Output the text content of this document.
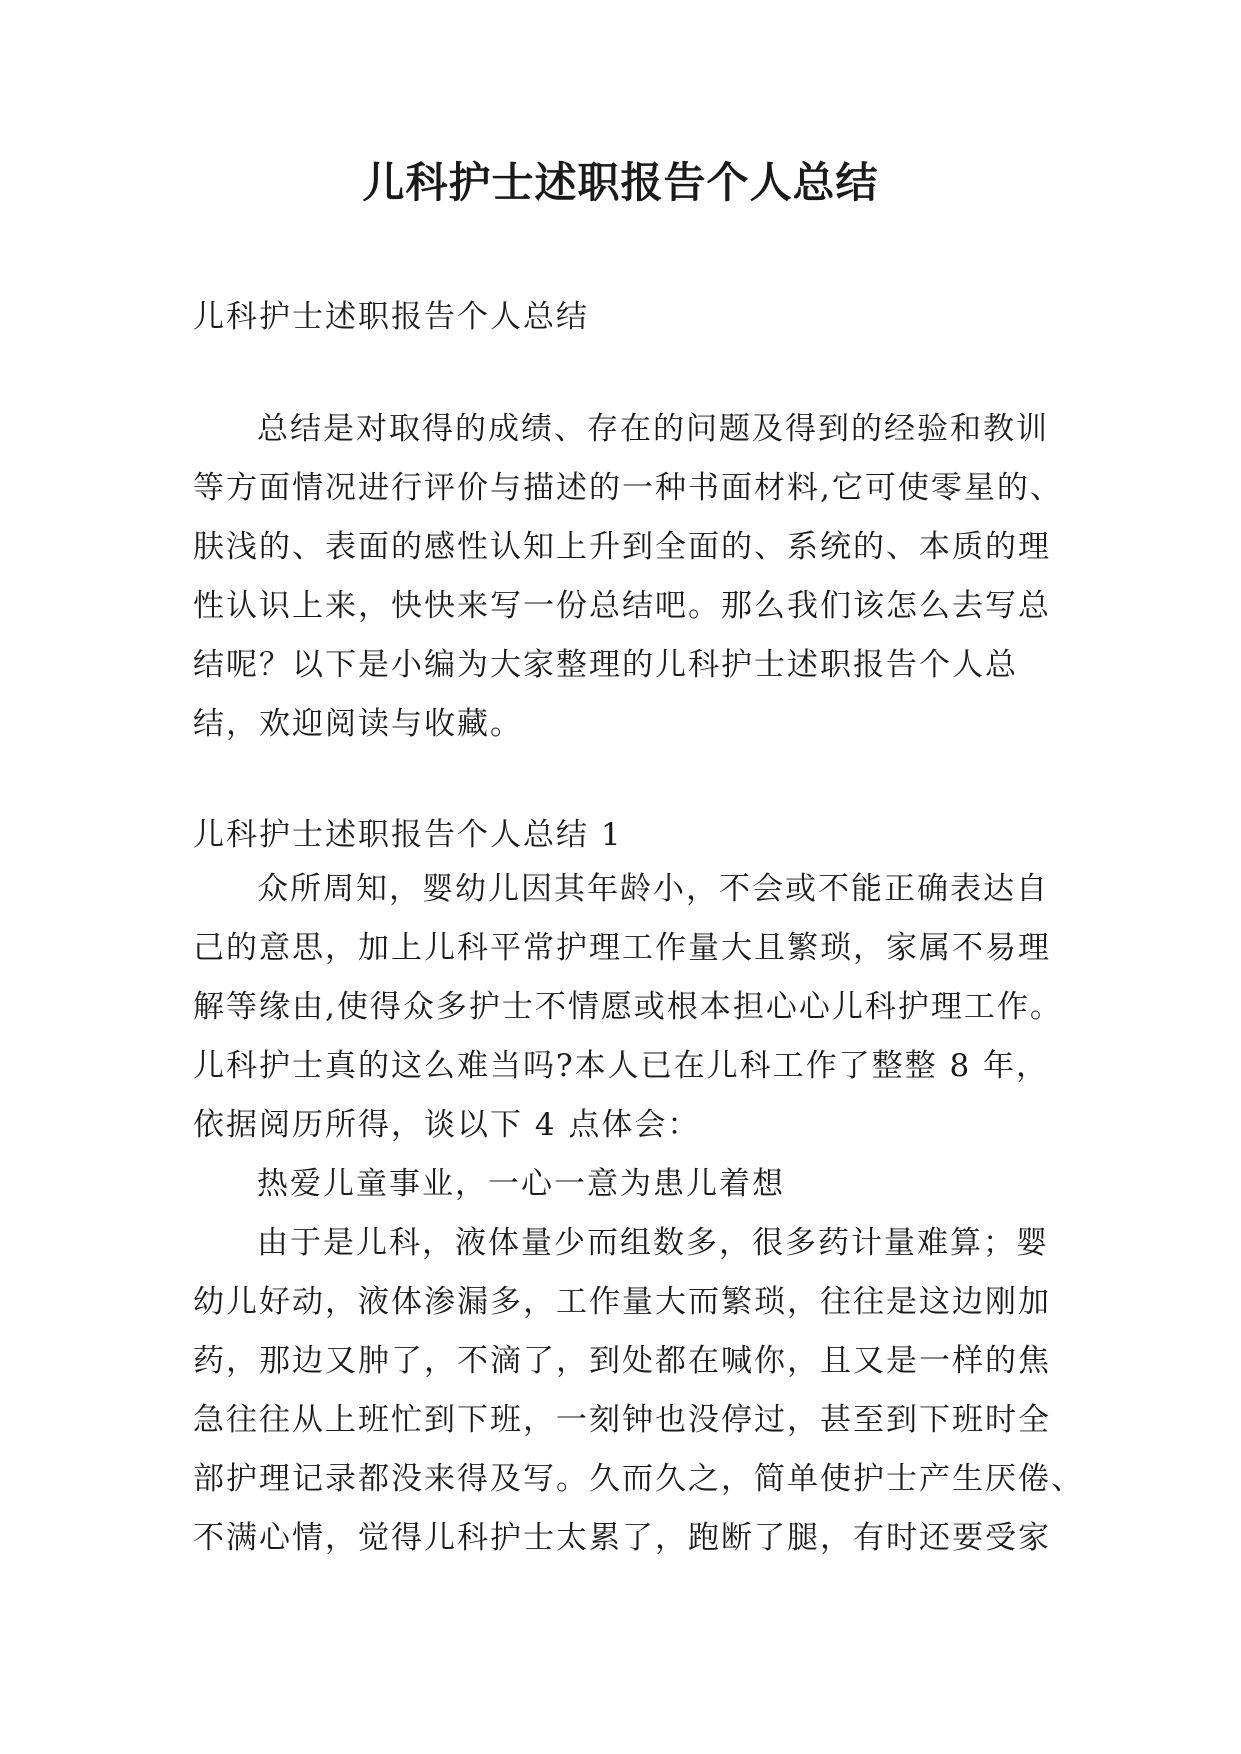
儿科护士述职报告个人总结

儿科护士述职报告个人总结

总结是对取得的成绩、存在的问题及得到的经验和教训
等方面情况进行评价与描述的一种书面材料,它可使零星的、
肤浅的、表面的感性认知上升到全面的、系统的、本质的理
性认识上来，快快来写一份总结吧。那么我们该怎么去写总
结呢？以下是小编为大家整理的儿科护士述职报告个人总
结，欢迎阅读与收藏。

儿科护士述职报告个人总结 1

众所周知，婴幼儿因其年龄小，不会或不能正确表达自
己的意思，加上儿科平常护理工作量大且繁琐，家属不易理
解等缘由,使得众多护士不情愿或根本担心心儿科护理工作。
儿科护士真的这么难当吗?本人已在儿科工作了整整 8 年，
依据阅历所得，谈以下 4 点体会：
热爱儿童事业，一心一意为患儿着想
由于是儿科，液体量少而组数多，很多药计量难算；婴
幼儿好动，液体渗漏多，工作量大而繁琐，往往是这边刚加
药，那边又肿了，不滴了，到处都在喊你，且又是一样的焦
急往往从上班忙到下班，一刻钟也没停过，甚至到下班时全
部护理记录都没来得及写。久而久之，简单使护士产生厌倦、
不满心情，觉得儿科护士太累了，跑断了腿，有时还要受家
